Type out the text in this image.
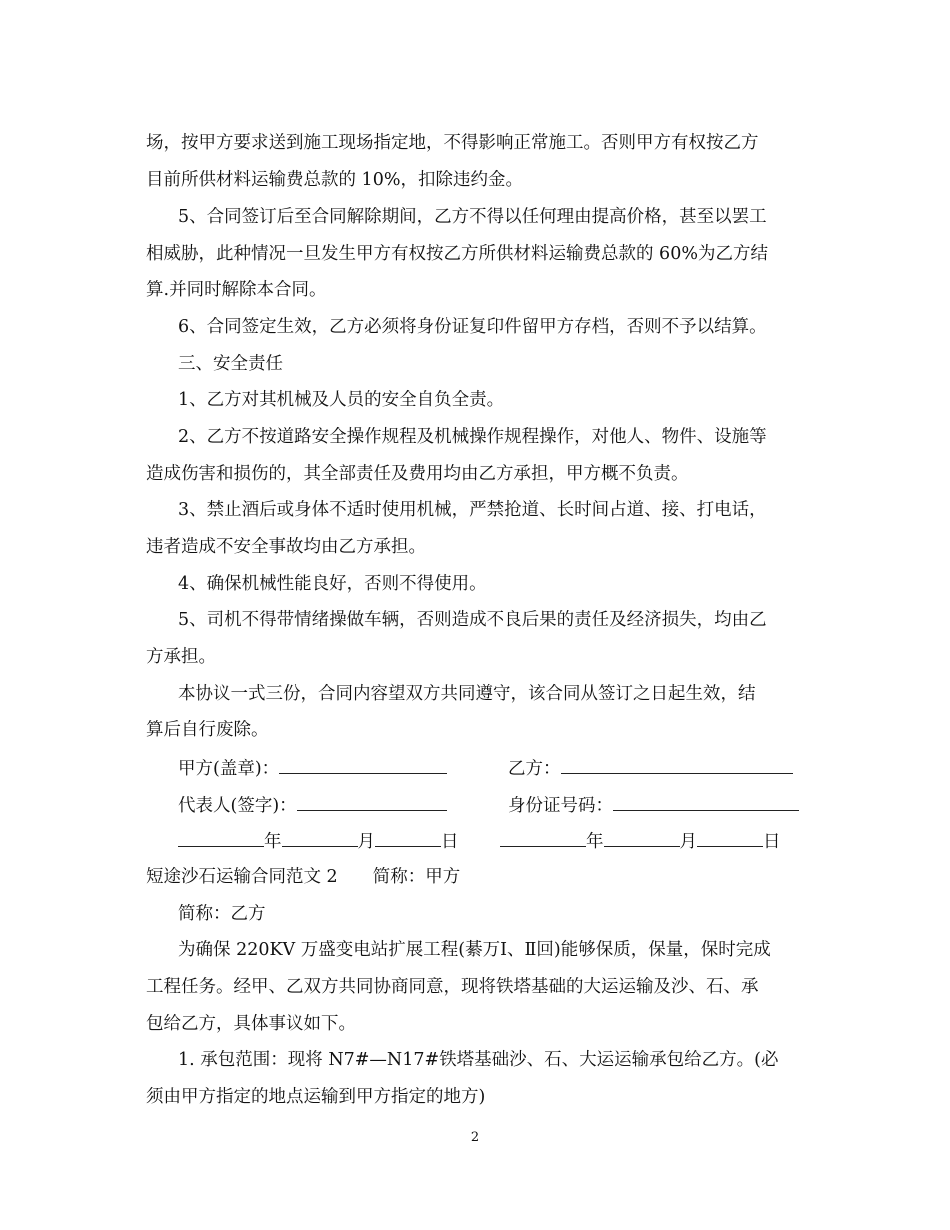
场，按甲方要求送到施工现场指定地，不得影响正常施工。否则甲方有权按乙方
目前所供材料运输费总款的 10%，扣除违约金。
5、合同签订后至合同解除期间，乙方不得以任何理由提高价格，甚至以罢工
相威胁，此种情况一旦发生甲方有权按乙方所供材料运输费总款的 60%为乙方结
算.并同时解除本合同。
6、合同签定生效，乙方必须将身份证复印件留甲方存档，否则不予以结算。
三、安全责任
1、乙方对其机械及人员的安全自负全责。
2、乙方不按道路安全操作规程及机械操作规程操作，对他人、物件、设施等
造成伤害和损伤的，其全部责任及费用均由乙方承担，甲方概不负责。
3、禁止酒后或身体不适时使用机械，严禁抢道、长时间占道、接、打电话，
违者造成不安全事故均由乙方承担。
4、确保机械性能良好，否则不得使用。
5、司机不得带情绪操做车辆，否则造成不良后果的责任及经济损失，均由乙
方承担。
本协议一式三份，合同内容望双方共同遵守，该合同从签订之日起生效，结
算后自行废除。
甲方(盖章)：	乙方：
代表人(签字)：	身份证号码：
年	月	日	年	月	日
短途沙石运输合同范文 2　　简称：甲方
简称：乙方
为确保 220KV 万盛变电站扩展工程(綦万Ⅰ、Ⅱ回)能够保质，保量，保时完成
工程任务。经甲、乙双方共同协商同意，现将铁塔基础的大运运输及沙、石、承
包给乙方，具体事议如下。
1. 承包范围：现将 N7#—N17#铁塔基础沙、石、大运运输承包给乙方。(必
须由甲方指定的地点运输到甲方指定的地方)
2
